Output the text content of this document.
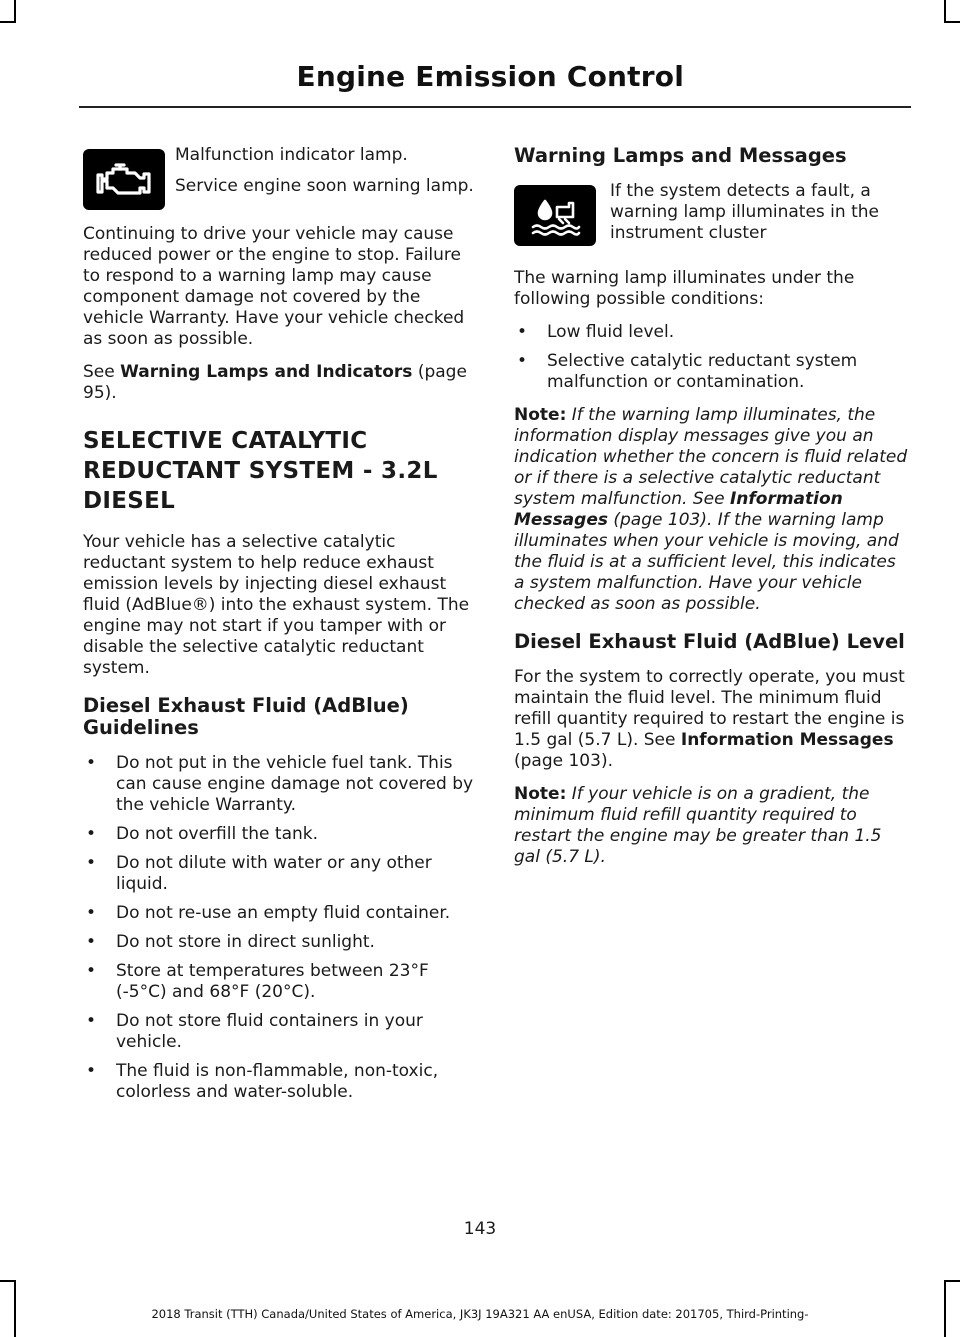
Engine Emission Control

Malfunction indicator lamp.

Service engine soon warning lamp.

Continuing to drive your vehicle may cause reduced power or the engine to stop. Failure to respond to a warning lamp may cause component damage not covered by the vehicle Warranty. Have your vehicle checked as soon as possible.

See Warning Lamps and Indicators (page 95).

SELECTIVE CATALYTIC REDUCTANT SYSTEM - 3.2L DIESEL

Your vehicle has a selective catalytic reductant system to help reduce exhaust emission levels by injecting diesel exhaust fluid (AdBlue®) into the exhaust system. The engine may not start if you tamper with or disable the selective catalytic reductant system.

Diesel Exhaust Fluid (AdBlue) Guidelines
• Do not put in the vehicle fuel tank. This can cause engine damage not covered by the vehicle Warranty.
• Do not overfill the tank.
• Do not dilute with water or any other liquid.
• Do not re-use an empty fluid container.
• Do not store in direct sunlight.
• Store at temperatures between 23°F (-5°C) and 68°F (20°C).
• Do not store fluid containers in your vehicle.
• The fluid is non-flammable, non-toxic, colorless and water-soluble.
Warning Lamps and Messages

If the system detects a fault, a warning lamp illuminates in the instrument cluster

The warning lamp illuminates under the following possible conditions:

• Low fluid level.
• Selective catalytic reductant system malfunction or contamination.

Note: If the warning lamp illuminates, the information display messages give you an indication whether the concern is fluid related or if there is a selective catalytic reductant system malfunction. See Information Messages (page 103). If the warning lamp illuminates when your vehicle is moving, and the fluid is at a sufficient level, this indicates a system malfunction. Have your vehicle checked as soon as possible.

Diesel Exhaust Fluid (AdBlue) Level

For the system to correctly operate, you must maintain the fluid level. The minimum fluid refill quantity required to restart the engine is 1.5 gal (5.7 L). See Information Messages (page 103).

Note: If your vehicle is on a gradient, the minimum fluid refill quantity required to restart the engine may be greater than 1.5 gal (5.7 L).

143
2018 Transit (TTH) Canada/United States of America, JK3J 19A321 AA enUSA, Edition date: 201705, Third-Printing-
